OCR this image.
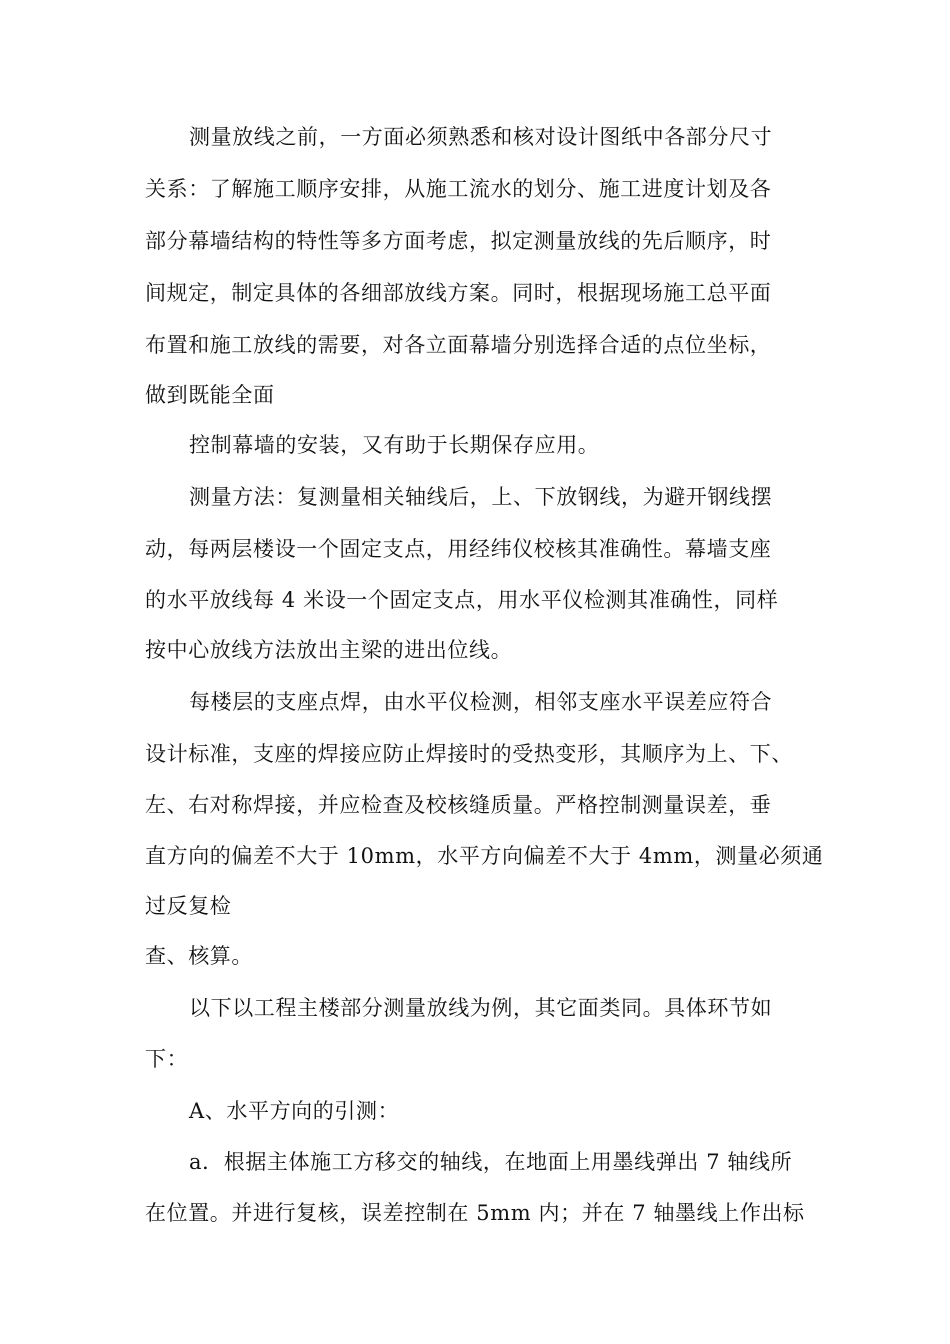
测量放线之前，一方面必须熟悉和核对设计图纸中各部分尺寸
关系：了解施工顺序安排，从施工流水的划分、施工进度计划及各
部分幕墙结构的特性等多方面考虑，拟定测量放线的先后顺序，时
间规定，制定具体的各细部放线方案。同时，根据现场施工总平面
布置和施工放线的需要，对各立面幕墙分别选择合适的点位坐标，
做到既能全面
控制幕墙的安装，又有助于长期保存应用。
测量方法：复测量相关轴线后，上、下放钢线，为避开钢线摆
动，每两层楼设一个固定支点，用经纬仪校核其准确性。幕墙支座
的水平放线每 4 米设一个固定支点，用水平仪检测其准确性，同样
按中心放线方法放出主梁的进出位线。
每楼层的支座点焊，由水平仪检测，相邻支座水平误差应符合
设计标准，支座的焊接应防止焊接时的受热变形，其顺序为上、下、
左、右对称焊接，并应检查及校核缝质量。严格控制测量误差，垂
直方向的偏差不大于 10mm，水平方向偏差不大于 4mm，测量必须通
过反复检
查、核算。
以下以工程主楼部分测量放线为例，其它面类同。具体环节如
下：
A、水平方向的引测：
a．根据主体施工方移交的轴线，在地面上用墨线弹出 7 轴线所
在位置。并进行复核，误差控制在 5mm 内；并在 7 轴墨线上作出标
